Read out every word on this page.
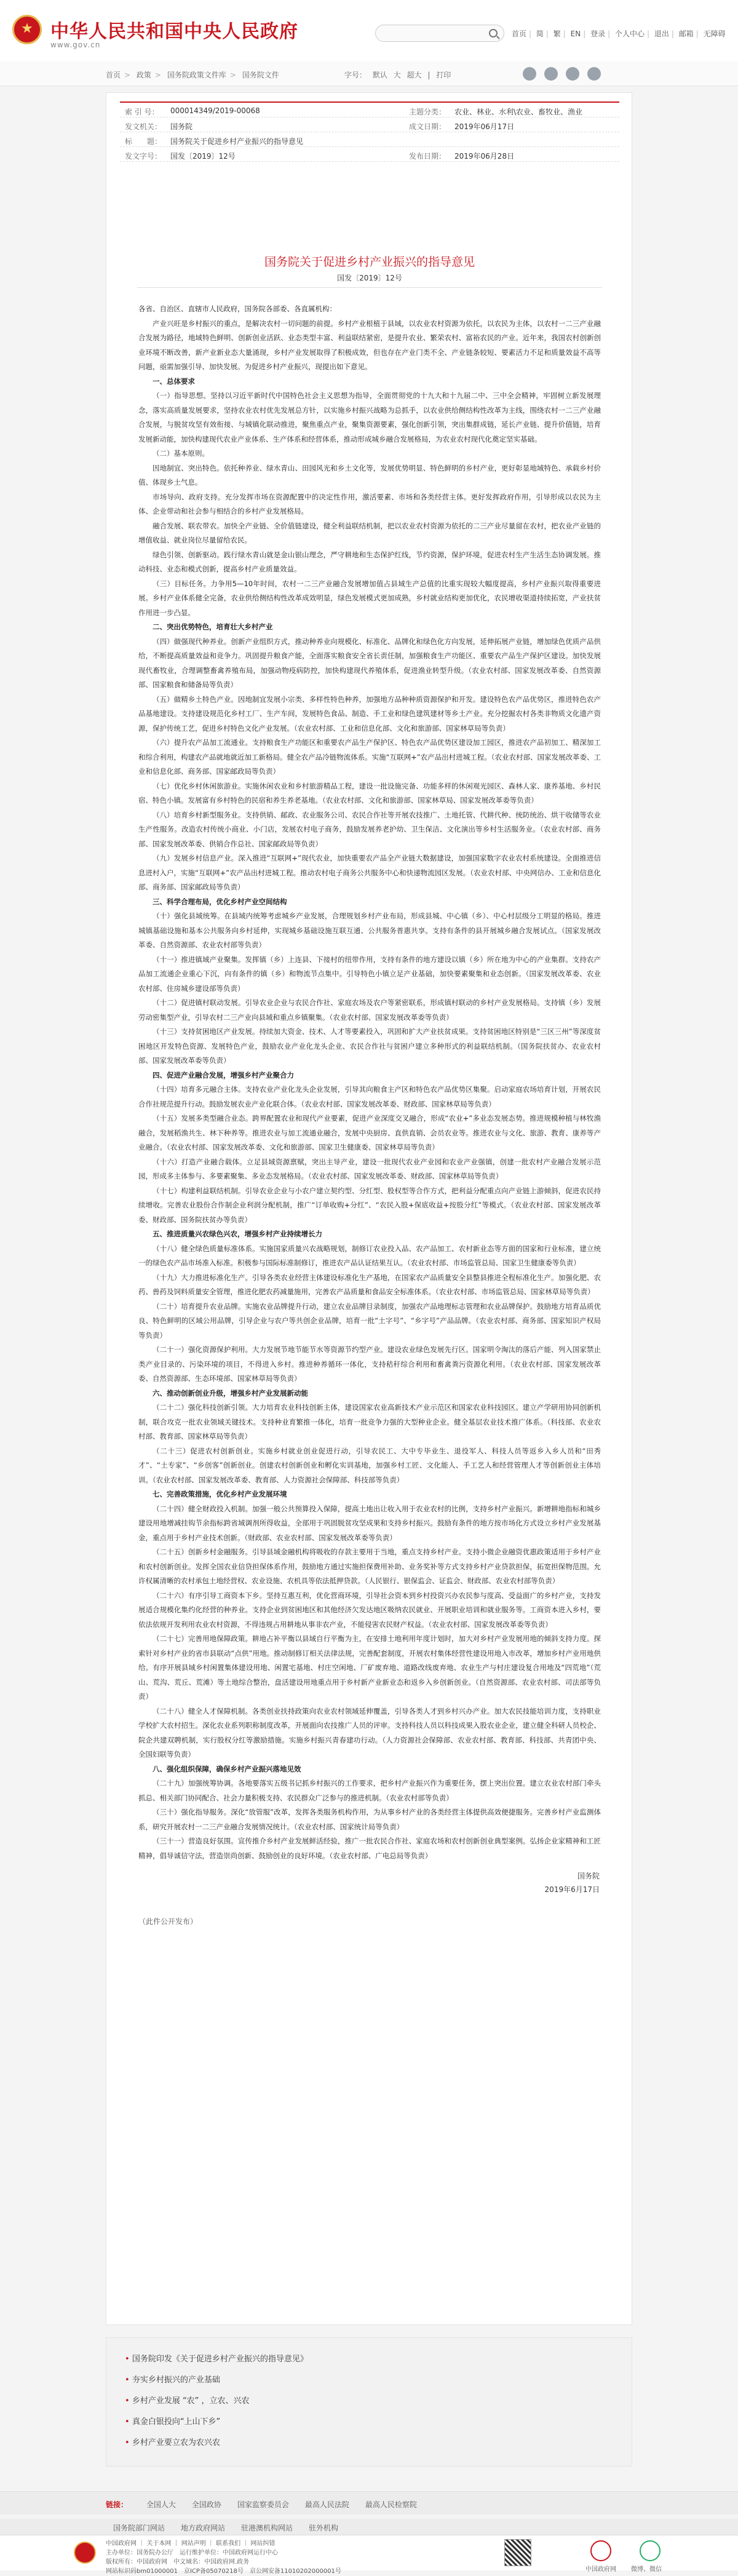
中华人民共和国中央人民政府
www.gov.cn
首页 | 简 | 繁 | EN | 登录 | 个人中心 | 退出 | 邮箱 | 无障碍
首页 > 政策 > 国务院政策文件库 > 国务院文件	字号： 默认 大 超大 | 打印

索 引 号： 000014349/2019-00068	主题分类： 农业、林业、水利\农业、畜牧业、渔业
发文机关： 国务院	成文日期： 2019年06月17日
标　　题： 国务院关于促进乡村产业振兴的指导意见
发文字号： 国发〔2019〕12号	发布日期： 2019年06月28日
国务院关于促进乡村产业振兴的指导意见
国发〔2019〕12号

各省、自治区、直辖市人民政府，国务院各部委、各直属机构：

产业兴旺是乡村振兴的重点，是解决农村一切问题的前提。乡村产业根植于县域，以农业农村资源为依托，以农民为主体，以农村一二三产业融合发展为路径，地域特色鲜明、创新创业活跃、业态类型丰富、利益联结紧密，是提升农业、繁荣农村、富裕农民的产业。近年来，我国农村创新创业环境不断改善，新产业新业态大量涌现，乡村产业发展取得了积极成效，但也存在产业门类不全、产业链条较短、要素活力不足和质量效益不高等问题，亟需加强引导、加快发展。为促进乡村产业振兴，现提出如下意见。

一、总体要求

（一）指导思想。坚持以习近平新时代中国特色社会主义思想为指导，全面贯彻党的十九大和十九届二中、三中全会精神，牢固树立新发展理念，落实高质量发展要求，坚持农业农村优先发展总方针，以实施乡村振兴战略为总抓手，以农业供给侧结构性改革为主线，围绕农村一二三产业融合发展，与脱贫攻坚有效衔接、与城镇化联动推进，聚焦重点产业，聚集资源要素，强化创新引领，突出集群成链，延长产业链、提升价值链，培育发展新动能，加快构建现代农业产业体系、生产体系和经营体系，推动形成城乡融合发展格局，为农业农村现代化奠定坚实基础。

（二）基本原则。

因地制宜、突出特色。依托种养业、绿水青山、田园风光和乡土文化等，发展优势明显、特色鲜明的乡村产业，更好彰显地域特色、承载乡村价值、体现乡土气息。

市场导向、政府支持。充分发挥市场在资源配置中的决定性作用，激活要素、市场和各类经营主体。更好发挥政府作用，引导形成以农民为主体、企业带动和社会参与相结合的乡村产业发展格局。

融合发展、联农带农。加快全产业链、全价值链建设，健全利益联结机制，把以农业农村资源为依托的二三产业尽量留在农村，把农业产业链的增值收益、就业岗位尽量留给农民。

绿色引领、创新驱动。践行绿水青山就是金山银山理念，严守耕地和生态保护红线，节约资源，保护环境，促进农村生产生活生态协调发展。推动科技、业态和模式创新，提高乡村产业质量效益。

（三）目标任务。力争用5—10年时间，农村一二三产业融合发展增加值占县域生产总值的比重实现较大幅度提高，乡村产业振兴取得重要进展。乡村产业体系健全完备，农业供给侧结构性改革成效明显，绿色发展模式更加成熟，乡村就业结构更加优化，农民增收渠道持续拓宽，产业扶贫作用进一步凸显。

二、突出优势特色，培育壮大乡村产业

（四）做强现代种养业。创新产业组织方式，推动种养业向规模化、标准化、品牌化和绿色化方向发展，延伸拓展产业链，增加绿色优质产品供给，不断提高质量效益和竞争力。巩固提升粮食产能，全面落实粮食安全省长责任制，加强粮食生产功能区、重要农产品生产保护区建设。加快发展现代畜牧业，合理调整畜禽养殖布局，加强动物疫病防控，加快构建现代养殖体系，促进渔业转型升级。（农业农村部、国家发展改革委、自然资源部、国家粮食和储备局等负责）

（五）做精乡土特色产业。因地制宜发展小宗类、多样性特色种养，加强地方品种种质资源保护和开发。建设特色农产品优势区，推进特色农产品基地建设。支持建设规范化乡村工厂、生产车间，发展特色食品、制造、手工业和绿色建筑建材等乡土产业。充分挖掘农村各类非物质文化遗产资源，保护传统工艺，促进乡村特色文化产业发展。（农业农村部、工业和信息化部、文化和旅游部、国家林草局等负责）

（六）提升农产品加工流通业。支持粮食生产功能区和重要农产品生产保护区、特色农产品优势区建设加工园区，推进农产品初加工、精深加工和综合利用，构建农产品就地就近加工新格局。健全农产品冷链物流体系。实施“互联网+”农产品出村进城工程。（农业农村部、国家发展改革委、工业和信息化部、商务部、国家邮政局等负责）

（七）优化乡村休闲旅游业。实施休闲农业和乡村旅游精品工程，建设一批设施完备、功能多样的休闲观光园区、森林人家、康养基地、乡村民宿、特色小镇。发展富有乡村特色的民宿和养生养老基地。（农业农村部、文化和旅游部、国家林草局、国家发展改革委等负责）

（八）培育乡村新型服务业。支持供销、邮政、农业服务公司、农民合作社等开展农技推广、土地托管、代耕代种、统防统治、烘干收储等农业生产性服务。改造农村传统小商业、小门店，发展农村电子商务，鼓励发展养老护幼、卫生保洁、文化演出等乡村生活服务业。（农业农村部、商务部、国家发展改革委、供销合作总社、国家邮政局等负责）

（九）发展乡村信息产业。深入推进“互联网+”现代农业，加快重要农产品全产业链大数据建设，加强国家数字农业农村系统建设。全面推进信息进村入户，实施“互联网+”农产品出村进城工程。推动农村电子商务公共服务中心和快递物流园区发展。（农业农村部、中央网信办、工业和信息化部、商务部、国家邮政局等负责）

三、科学合理布局，优化乡村产业空间结构

（十）强化县域统筹。在县域内统筹考虑城乡产业发展，合理规划乡村产业布局，形成县城、中心镇（乡）、中心村层级分工明显的格局。推进城镇基础设施和基本公共服务向乡村延伸，实现城乡基础设施互联互通、公共服务普惠共享。支持有条件的县开展城乡融合发展试点。（国家发展改革委、自然资源部、农业农村部等负责）

（十一）推进镇域产业聚集。发挥镇（乡）上连县、下接村的纽带作用，支持有条件的地方建设以镇（乡）所在地为中心的产业集群。支持农产品加工流通企业重心下沉，向有条件的镇（乡）和物流节点集中。引导特色小镇立足产业基础，加快要素聚集和业态创新。（国家发展改革委、农业农村部、住房城乡建设部等负责）

（十二）促进镇村联动发展。引导农业企业与农民合作社、家庭农场及农户等紧密联系，形成镇村联动的乡村产业发展格局。支持镇（乡）发展劳动密集型产业，引导农村二三产业向县域和重点乡镇聚集。（农业农村部、国家发展改革委等负责）

（十三）支持贫困地区产业发展。持续加大资金、技术、人才等要素投入，巩固和扩大产业扶贫成果。支持贫困地区特别是“三区三州”等深度贫困地区开发特色资源、发展特色产业，鼓励农业产业化龙头企业、农民合作社与贫困户建立多种形式的利益联结机制。（国务院扶贫办、农业农村部、国家发展改革委等负责）

四、促进产业融合发展，增强乡村产业聚合力

（十四）培育多元融合主体。支持农业产业化龙头企业发展，引导其向粮食主产区和特色农产品优势区集聚。启动家庭农场培育计划，开展农民合作社规范提升行动。鼓励发展农业产业化联合体。（农业农村部、国家发展改革委、财政部、国家林草局等负责）

（十五）发展多类型融合业态。跨界配置农业和现代产业要素，促进产业深度交叉融合，形成“农业+”多业态发展态势。推进规模种植与林牧渔融合，发展稻渔共生、林下种养等。推进农业与加工流通业融合，发展中央厨房、直供直销、会员农业等。推进农业与文化、旅游、教育、康养等产业融合。（农业农村部、国家发展改革委、文化和旅游部、国家卫生健康委、国家林草局等负责）

（十六）打造产业融合载体。立足县域资源禀赋，突出主导产业，建设一批现代农业产业园和农业产业强镇，创建一批农村产业融合发展示范园，形成多主体参与、多要素聚集、多业态发展格局。（农业农村部、国家发展改革委、财政部、国家林草局等负责）

（十七）构建利益联结机制。引导农业企业与小农户建立契约型、分红型、股权型等合作方式，把利益分配重点向产业链上游倾斜，促进农民持续增收。完善农业股份合作制企业利润分配机制，推广“订单收购+分红”、“农民入股+保底收益+按股分红”等模式。（农业农村部、国家发展改革委、财政部、国务院扶贫办等负责）

五、推进质量兴农绿色兴农，增强乡村产业持续增长力

（十八）健全绿色质量标准体系。实施国家质量兴农战略规划，制修订农业投入品、农产品加工、农村新业态等方面的国家和行业标准，建立统一的绿色农产品市场准入标准。积极参与国际标准制修订，推进农产品认证结果互认。（农业农村部、市场监管总局、国家卫生健康委等负责）

（十九）大力推进标准化生产。引导各类农业经营主体建设标准化生产基地，在国家农产品质量安全县整县推进全程标准化生产。加强化肥、农药、兽药及饲料质量安全管理，推进化肥农药减量施用，完善农产品质量和食品安全标准体系。（农业农村部、市场监管总局、国家林草局等负责）

（二十）培育提升农业品牌。实施农业品牌提升行动，建立农业品牌目录制度，加强农产品地理标志管理和农业品牌保护。鼓励地方培育品质优良、特色鲜明的区域公用品牌，引导企业与农户等共创企业品牌，培育一批“土字号”、“乡字号”产品品牌。（农业农村部、商务部、国家知识产权局等负责）

（二十一）强化资源保护利用。大力发展节地节能节水等资源节约型产业。建设农业绿色发展先行区。国家明令淘汰的落后产能、列入国家禁止类产业目录的、污染环境的项目，不得进入乡村。推进种养循环一体化，支持秸秆综合利用和畜禽粪污资源化利用。（农业农村部、国家发展改革委、自然资源部、生态环境部、国家林草局等负责）

六、推动创新创业升级，增强乡村产业发展新动能

（二十二）强化科技创新引领。大力培育农业科技创新主体，建设国家农业高新技术产业示范区和国家农业科技园区。建立产学研用协同创新机制，联合攻克一批农业领域关键技术。支持种业育繁推一体化，培育一批竞争力强的大型种业企业。健全基层农业技术推广体系。（科技部、农业农村部、教育部、国家林草局等负责）

（二十三）促进农村创新创业。实施乡村就业创业促进行动，引导农民工、大中专毕业生、退役军人、科技人员等返乡入乡人员和“田秀才”、“土专家”、“乡创客”创新创业。创建农村创新创业和孵化实训基地，加强乡村工匠、文化能人、手工艺人和经营管理人才等创新创业主体培训。（农业农村部、国家发展改革委、教育部、人力资源社会保障部、科技部等负责）

七、完善政策措施，优化乡村产业发展环境

（二十四）健全财政投入机制。加强一般公共预算投入保障，提高土地出让收入用于农业农村的比例，支持乡村产业振兴。新增耕地指标和城乡建设用地增减挂钩节余指标跨省域调剂所得收益，全部用于巩固脱贫攻坚成果和支持乡村振兴。鼓励有条件的地方按市场化方式设立乡村产业发展基金，重点用于乡村产业技术创新。（财政部、农业农村部、国家发展改革委等负责）

（二十五）创新乡村金融服务。引导县域金融机构将吸收的存款主要用于当地，重点支持乡村产业。支持小微企业融资优惠政策适用于乡村产业和农村创新创业。发挥全国农业信贷担保体系作用，鼓励地方通过实施担保费用补助、业务奖补等方式支持乡村产业贷款担保，拓宽担保物范围。允许权属清晰的农村承包土地经营权、农业设施、农机具等依法抵押贷款。（人民银行、银保监会、证监会、财政部、农业农村部等负责）

（二十六）有序引导工商资本下乡。坚持互惠互利，优化营商环境，引导社会资本到乡村投资兴办农民参与度高、受益面广的乡村产业，支持发展适合规模化集约化经营的种养业。支持企业到贫困地区和其他经济欠发达地区吸纳农民就业、开展职业培训和就业服务等。工商资本进入乡村，要依法依规开发利用农业农村资源，不得违规占用耕地从事非农产业，不能侵害农民财产权益。（农业农村部、国家发展改革委等负责）

（二十七）完善用地保障政策。耕地占补平衡以县域自行平衡为主，在安排土地利用年度计划时，加大对乡村产业发展用地的倾斜支持力度。探索针对乡村产业的省市县联动“点供”用地。推动制修订相关法律法规，完善配套制度，开展农村集体经营性建设用地入市改革，增加乡村产业用地供给。有序开展县域乡村闲置集体建设用地、闲置宅基地、村庄空闲地、厂矿废弃地、道路改线废弃地、农业生产与村庄建设复合用地及“四荒地”（荒山、荒沟、荒丘、荒滩）等土地综合整治，盘活建设用地重点用于乡村新产业新业态和返乡入乡创新创业。（自然资源部、农业农村部、司法部等负责）

（二十八）健全人才保障机制。各类创业扶持政策向农业农村领域延伸覆盖，引导各类人才到乡村兴办产业。加大农民技能培训力度，支持职业学校扩大农村招生。深化农业系列职称制度改革，开展面向农技推广人员的评审。支持科技人员以科技成果入股农业企业，建立健全科研人员校企、院企共建双聘机制，实行股权分红等激励措施。实施乡村振兴青春建功行动。（人力资源社会保障部、农业农村部、教育部、科技部、共青团中央、全国妇联等负责）

八、强化组织保障，确保乡村产业振兴落地见效

（二十九）加强统筹协调。各地要落实五级书记抓乡村振兴的工作要求，把乡村产业振兴作为重要任务，摆上突出位置。建立农业农村部门牵头抓总、相关部门协同配合、社会力量积极支持、农民群众广泛参与的推进机制。（农业农村部等负责）

（三十）强化指导服务。深化“放管服”改革，发挥各类服务机构作用，为从事乡村产业的各类经营主体提供高效便捷服务。完善乡村产业监测体系，研究开展农村一二三产业融合发展情况统计。（农业农村部、国家统计局等负责）

（三十一）营造良好氛围。宣传推介乡村产业发展鲜活经验，推广一批农民合作社、家庭农场和农村创新创业典型案例。弘扬企业家精神和工匠精神，倡导诚信守法，营造崇尚创新、鼓励创业的良好环境。（农业农村部、广电总局等负责）

国务院
2019年6月17日
（此件公开发布）
• 国务院印发《关于促进乡村产业振兴的指导意见》
• 夯实乡村振兴的产业基础
• 乡村产业发展 “农” ，立农、兴农
• 真金白银投向“上山下乡”
• 乡村产业要立农为农兴农
链接： 全国人大 全国政协 国家监察委员会 最高人民法院 最高人民检察院
国务院部门网站 地方政府网站 驻港澳机构网站 驻外机构
中国政府网 ｜ 关于本网 ｜ 网站声明 ｜ 联系我们 ｜ 网站纠错
主办单位：国务院办公厅　运行维护单位：中国政府网运行中心
版权所有：中国政府网　中文域名：中国政府网.政务
网站标识码bm01000001　京ICP备05070218号　京公网安备11010202000001号	中国政府网 微博、微信
